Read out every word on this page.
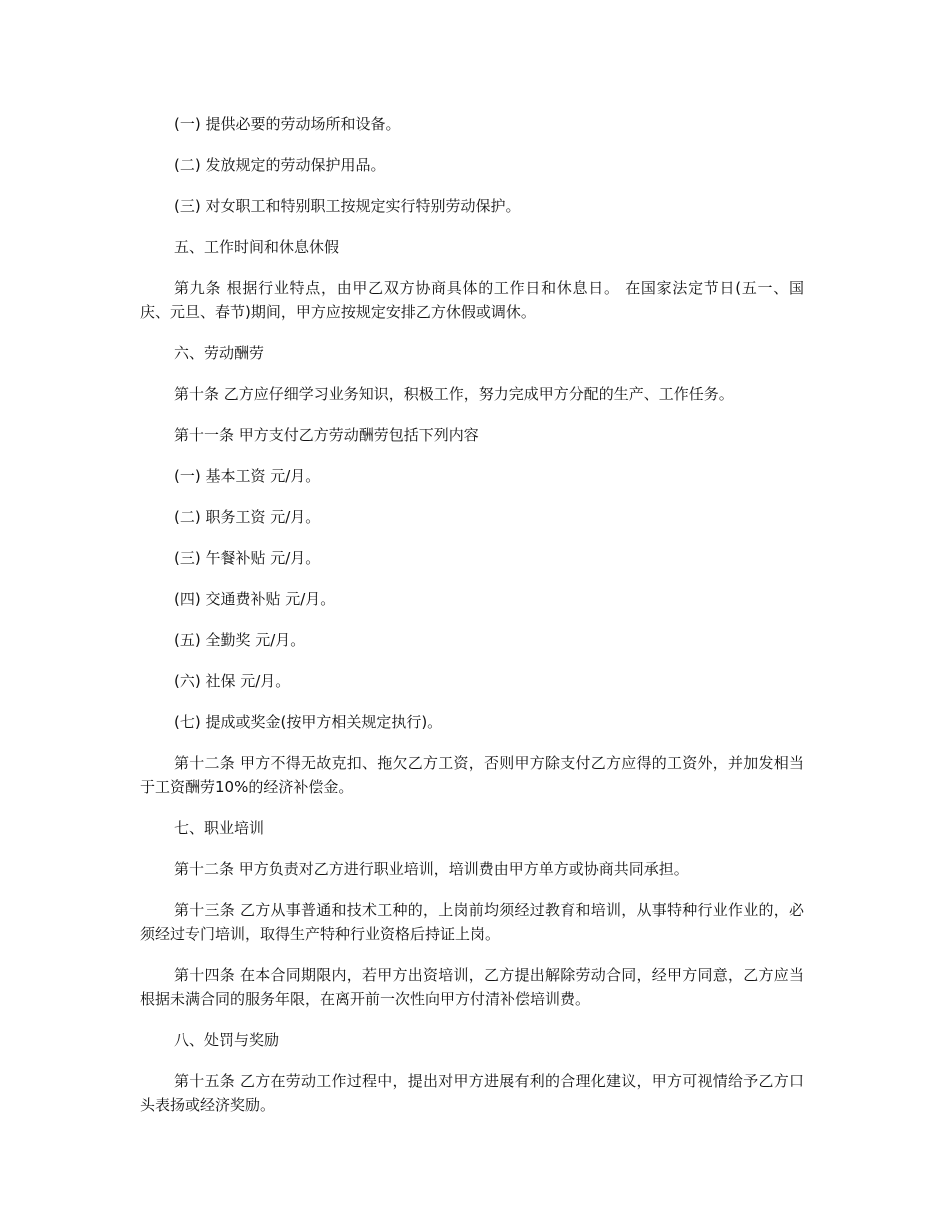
(一) 提供必要的劳动场所和设备。

(二) 发放规定的劳动保护用品。

(三) 对女职工和特别职工按规定实行特别劳动保护。

五、工作时间和休息休假

第九条 根据行业特点，由甲乙双方协商具体的工作日和休息日。 在国家法定节日(五一、国庆、元旦、春节)期间，甲方应按规定安排乙方休假或调休。

六、劳动酬劳

第十条 乙方应仔细学习业务知识，积极工作，努力完成甲方分配的生产、工作任务。

第十一条 甲方支付乙方劳动酬劳包括下列内容

(一) 基本工资 元/月。

(二) 职务工资 元/月。

(三) 午餐补贴 元/月。

(四) 交通费补贴 元/月。

(五) 全勤奖 元/月。

(六) 社保 元/月。

(七) 提成或奖金(按甲方相关规定执行)。

第十二条 甲方不得无故克扣、拖欠乙方工资，否则甲方除支付乙方应得的工资外，并加发相当于工资酬劳10%的经济补偿金。

七、职业培训

第十二条 甲方负责对乙方进行职业培训，培训费由甲方单方或协商共同承担。

第十三条 乙方从事普通和技术工种的，上岗前均须经过教育和培训，从事特种行业作业的，必须经过专门培训，取得生产特种行业资格后持证上岗。

第十四条 在本合同期限内，若甲方出资培训，乙方提出解除劳动合同，经甲方同意，乙方应当根据未满合同的服务年限，在离开前一次性向甲方付清补偿培训费。

八、处罚与奖励

第十五条 乙方在劳动工作过程中，提出对甲方进展有利的合理化建议，甲方可视情给予乙方口头表扬或经济奖励。
